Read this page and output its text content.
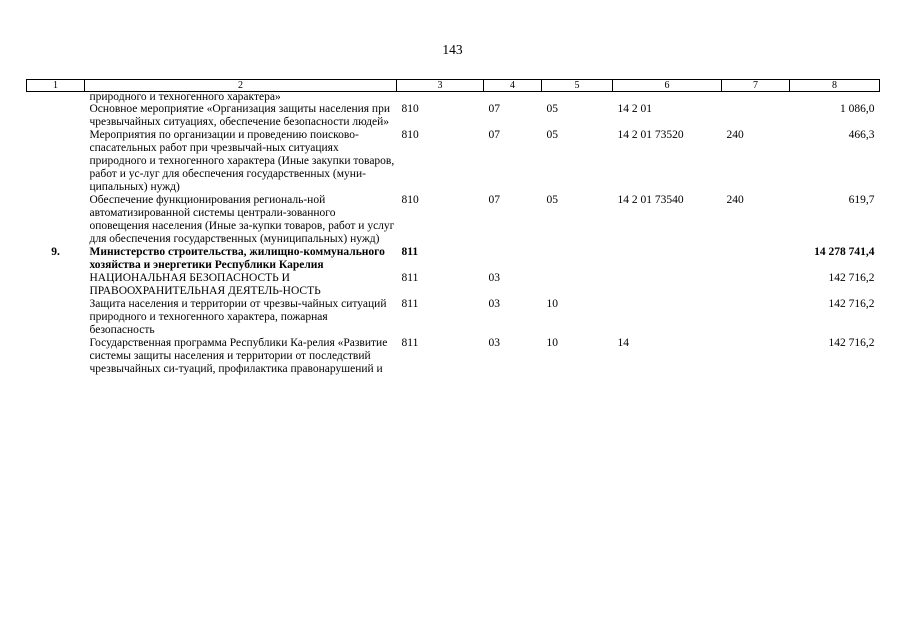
143
1	2	3	4	5	6	7	8
	природного и техногенного характера»						
	Основное мероприятие «Организация защиты населения при чрезвычайных ситуациях, обеспечение безопасности людей»	810	07	05	14 2 01		1 086,0
	Мероприятия по организации и проведению поисково-спасательных работ при чрезвычай-ных ситуациях природного и техногенного характера (Иные закупки товаров, работ и ус-луг для обеспечения государственных (муни-ципальных) нужд)	810	07	05	14 2 01 73520	240	466,3
	Обеспечение функционирования региональ-ной автоматизированной системы централи-зованного оповещения населения (Иные за-купки товаров, работ и услуг для обеспечения государственных (муниципальных) нужд)	810	07	05	14 2 01 73540	240	619,7
9.	Министерство строительства, жилищно-коммунального хозяйства и энергетики Республики Карелия	811					14 278 741,4
	НАЦИОНАЛЬНАЯ БЕЗОПАСНОСТЬ И ПРАВООХРАНИТЕЛЬНАЯ ДЕЯТЕЛЬ-НОСТЬ	811	03				142 716,2
	Защита населения и территории от чрезвы-чайных ситуаций природного и техногенного характера, пожарная безопасность	811	03	10			142 716,2
	Государственная программа Республики Ка-релия «Развитие системы защиты населения и территории от последствий чрезвычайных си-туаций, профилактика правонарушений и	811	03	10	14		142 716,2
